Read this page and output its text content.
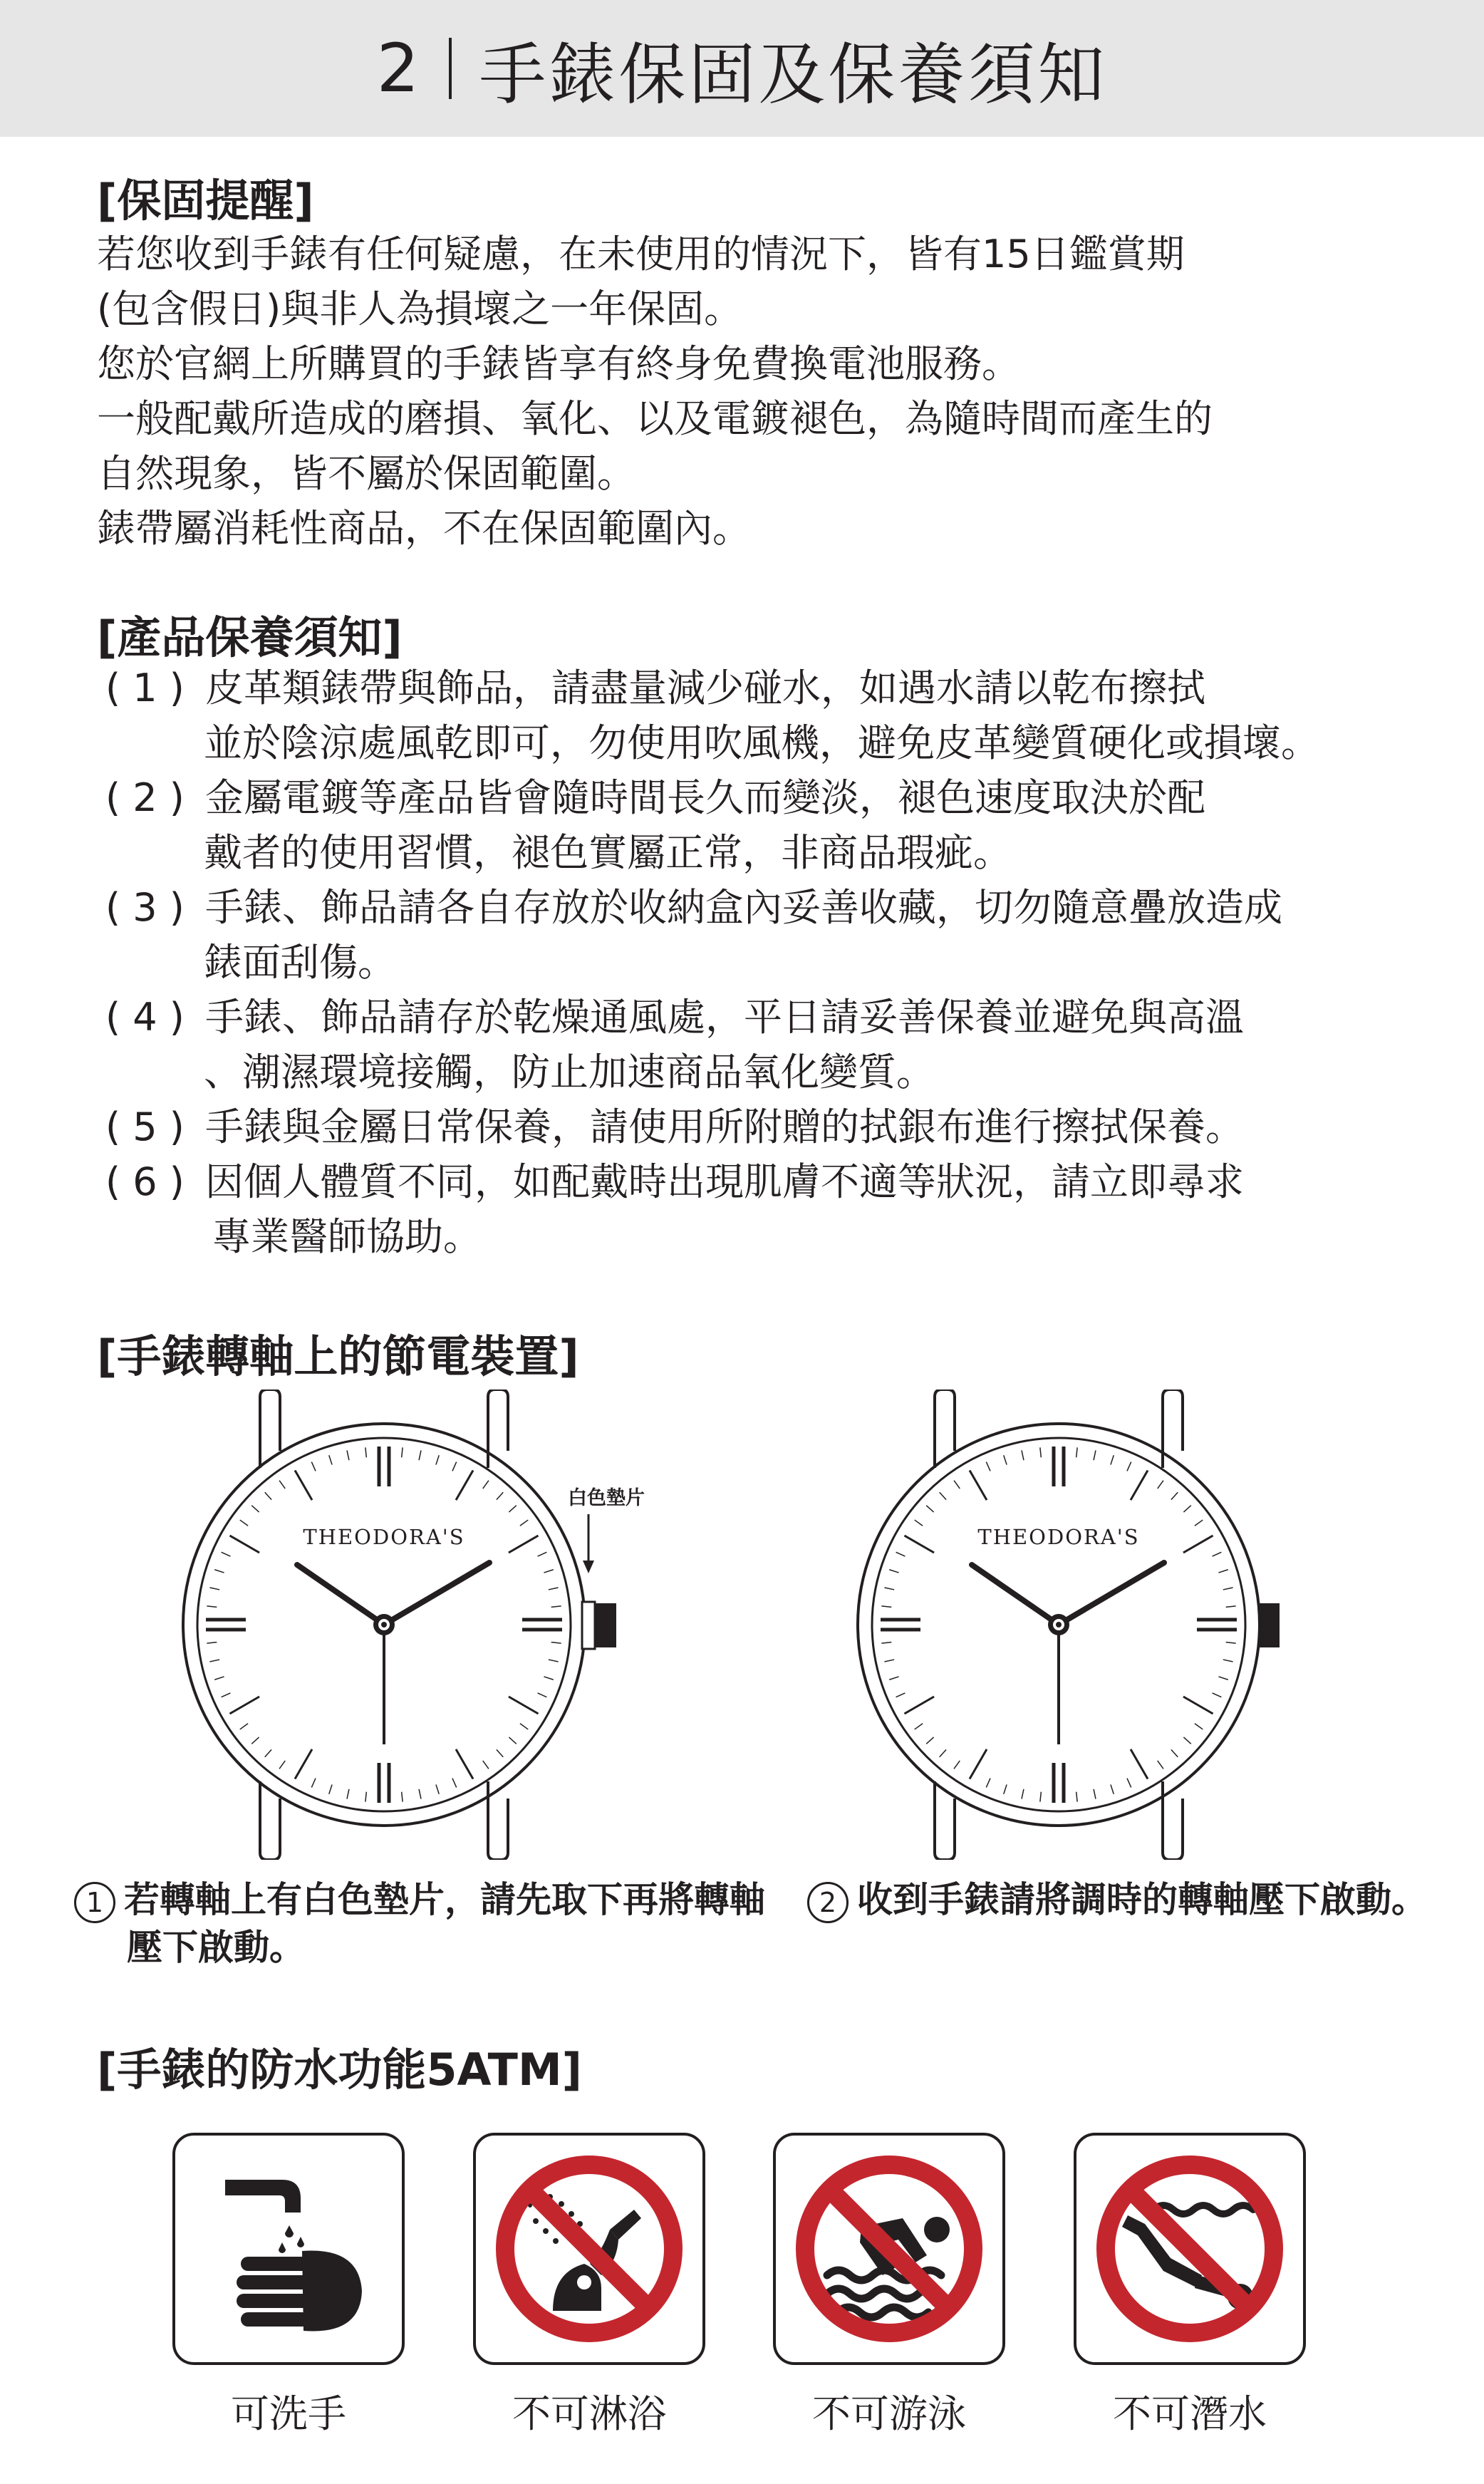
2 手錶保固及保養須知
[保固提醒]
若您收到手錶有任何疑慮，在未使用的情況下，皆有15日鑑賞期
(包含假日)與非人為損壞之一年保固。
您於官網上所購買的手錶皆享有終身免費換電池服務。
一般配戴所造成的磨損、氧化、以及電鍍褪色，為隨時間而產生的
自然現象，皆不屬於保固範圍。
錶帶屬消耗性商品，不在保固範圍內。
[產品保養須知]
( 1 ) 皮革類錶帶與飾品，請盡量減少碰水，如遇水請以乾布擦拭
並於陰涼處風乾即可，勿使用吹風機，避免皮革變質硬化或損壞。
( 2 ) 金屬電鍍等產品皆會隨時間長久而變淡，褪色速度取決於配
戴者的使用習慣，褪色實屬正常，非商品瑕疵。
( 3 ) 手錶、飾品請各自存放於收納盒內妥善收藏，切勿隨意疊放造成
錶面刮傷。
( 4 ) 手錶、飾品請存於乾燥通風處，平日請妥善保養並避免與高溫
、潮濕環境接觸，防止加速商品氧化變質。
( 5 ) 手錶與金屬日常保養，請使用所附贈的拭銀布進行擦拭保養。
( 6 ) 因個人體質不同，如配戴時出現肌膚不適等狀況，請立即尋求
專業醫師協助。
[手錶轉軸上的節電裝置]
THEODORA'S
白色墊片
THEODORA'S
1 若轉軸上有白色墊片，請先取下再將轉軸
壓下啟動。
2 收到手錶請將調時的轉軸壓下啟動。
[手錶的防水功能5ATM]
可洗手	不可淋浴	不可游泳	不可潛水
